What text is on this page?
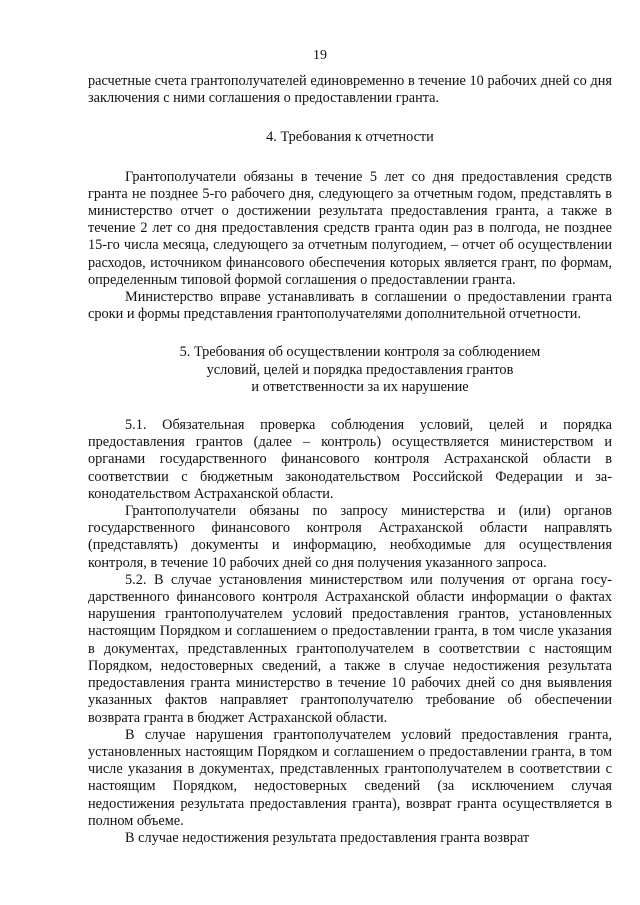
19

расчетные счета грантополучателей единовременно в течение 10 рабочих дней со дня заключения с ними соглашения о предоставлении гранта.

4. Требования к отчетности

Грантополучатели обязаны в течение 5 лет со дня предоставления средств гранта не позднее 5-го рабочего дня, следующего за отчетным годом, представлять в министерство отчет о достижении результата предоставления гранта, а также в течение 2 лет со дня предоставления средств гранта один раз в полгода, не позднее 15-го числа месяца, следующего за отчетным полугодием, – отчет об осуществлении расходов, источником финансового обеспечения которых является грант, по формам, определенным типовой формой соглашения о предоставлении гранта.

Министерство вправе устанавливать в соглашении о предоставлении гранта сроки и формы представления грантополучателями дополнительной отчетности.

5. Требования об осуществлении контроля за соблюдением
условий, целей и порядка предоставления грантов
и ответственности за их нарушение

5.1. Обязательная проверка соблюдения условий, целей и порядка предоставления грантов (далее – контроль) осуществляется министерством и органами государственного финансового контроля Астраханской области в соответствии с бюджетным законодательством Российской Федерации и законодательством Астраханской области.

Грантополучатели обязаны по запросу министерства и (или) органов государственного финансового контроля Астраханской области направлять (представлять) документы и информацию, необходимые для осуществления контроля, в течение 10 рабочих дней со дня получения указанного запроса.

5.2. В случае установления министерством или получения от органа государственного финансового контроля Астраханской области информации о фактах нарушения грантополучателем условий предоставления грантов, установленных настоящим Порядком и соглашением о предоставлении гранта, в том числе указания в документах, представленных грантополучателем в соответствии с настоящим Порядком, недостоверных сведений, а также в случае недостижения результата предоставления гранта министерство в течение 10 рабочих дней со дня выявления указанных фактов направляет грантополучателю требование об обеспечении возврата гранта в бюджет Астраханской области.

В случае нарушения грантополучателем условий предоставления гранта, установленных настоящим Порядком и соглашением о предоставлении гранта, в том числе указания в документах, представленных грантополучателем в соответствии с настоящим Порядком, недостоверных сведений (за исключением случая недостижения результата предоставления гранта), возврат гранта осуществляется в полном объеме.

В случае недостижения результата предоставления гранта возврат
